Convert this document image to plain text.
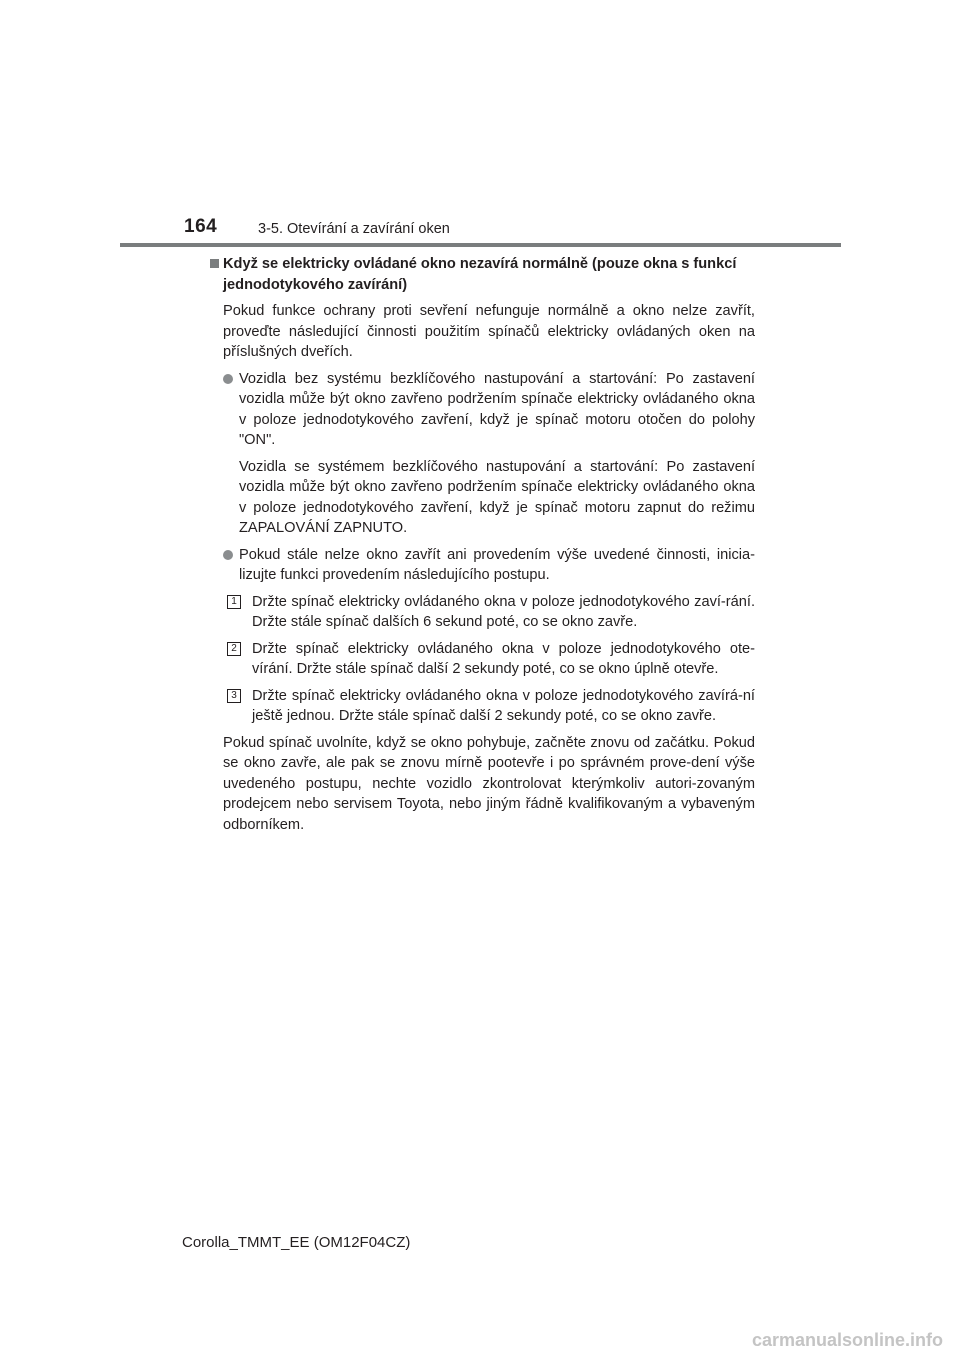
164	3-5. Otevírání a zavírání oken
Když se elektricky ovládané okno nezavírá normálně (pouze okna s funkcí jednodotykového zavírání)
Pokud funkce ochrany proti sevření nefunguje normálně a okno nelze zavřít, proveďte následující činnosti použitím spínačů elektricky ovládaných oken na příslušných dveřích.
Vozidla bez systému bezklíčového nastupování a startování: Po zastavení vozidla může být okno zavřeno podržením spínače elektricky ovládaného okna v poloze jednodotykového zavření, když je spínač motoru otočen do polohy "ON".
Vozidla se systémem bezklíčového nastupování a startování: Po zastavení vozidla může být okno zavřeno podržením spínače elektricky ovládaného okna v poloze jednodotykového zavření, když je spínač motoru zapnut do režimu ZAPALOVÁNÍ ZAPNUTO.
Pokud stále nelze okno zavřít ani provedením výše uvedené činnosti, inicia-lizujte funkci provedením následujícího postupu.
1 Držte spínač elektricky ovládaného okna v poloze jednodotykového zaví-rání. Držte stále spínač dalších 6 sekund poté, co se okno zavře.
2 Držte spínač elektricky ovládaného okna v poloze jednodotykového ote-vírání. Držte stále spínač další 2 sekundy poté, co se okno úplně otevře.
3 Držte spínač elektricky ovládaného okna v poloze jednodotykového zavírá-ní ještě jednou. Držte stále spínač další 2 sekundy poté, co se okno zavře.
Pokud spínač uvolníte, když se okno pohybuje, začněte znovu od začátku. Pokud se okno zavře, ale pak se znovu mírně pootevře i po správném prove-dení výše uvedeného postupu, nechte vozidlo zkontrolovat kterýmkoliv autori-zovaným prodejcem nebo servisem Toyota, nebo jiným řádně kvalifikovaným a vybaveným odborníkem.
Corolla_TMMT_EE (OM12F04CZ)
carmanualsonline.info
